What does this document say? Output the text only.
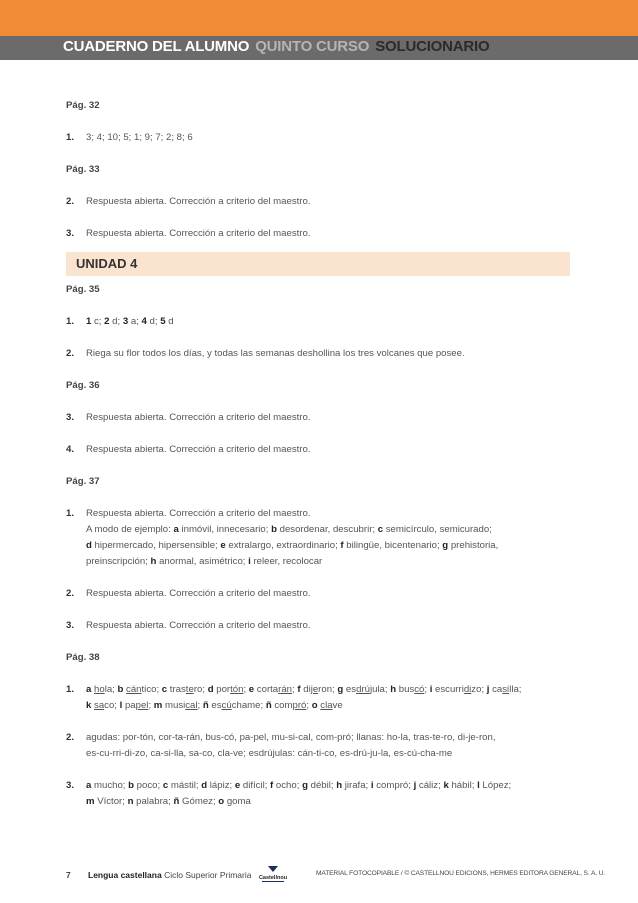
CUADERNO DEL ALUMNO QUINTO CURSO SOLUCIONARIO

Pág. 32

1.	3; 4; 10; 5; 1; 9; 7; 2; 8; 6

Pág. 33

2.	Respuesta abierta. Corrección a criterio del maestro.
3.	Respuesta abierta. Corrección a criterio del maestro.
UNIDAD 4

Pág. 35

1.	1 c; 2 d; 3 a; 4 d; 5 d
2.	Riega su flor todos los días, y todas las semanas deshollina los tres volcanes que posee.

Pág. 36

3.	Respuesta abierta. Corrección a criterio del maestro.
4.	Respuesta abierta. Corrección a criterio del maestro.

Pág. 37

1.	Respuesta abierta. Corrección a criterio del maestro.
A modo de ejemplo: a inmóvil, innecesario; b desordenar, descubrir; c semicírculo, semicurado;
d hipermercado, hipersensible; e extralargo, extraordinario; f bilingüe, bicentenario; g prehistoria,
preinscripción; h anormal, asimétrico; i releer, recolocar
2.	Respuesta abierta. Corrección a criterio del maestro.
3.	Respuesta abierta. Corrección a criterio del maestro.

Pág. 38

1.	a hola; b cántico; c trastero; d portón; e cortarán; f dijeron; g esdrújula; h buscó; i escurridizo; j casilla;
k saco; l papel; m musical; ñ escúchame; ñ compró; o clave
2.	agudas: por-tón, cor-ta-rán, bus-có, pa-pel, mu-si-cal, com-pró; llanas: ho-la, tras-te-ro, di-je-ron,
es-cu-rri-di-zo, ca-si-lla, sa-co, cla-ve; esdrújulas: cán-ti-co, es-drú-ju-la, es-cú-cha-me
3.	a mucho; b poco; c mástil; d lápiz; e difícil; f ocho; g débil; h jirafa; i compró; j cáliz; k hábil; l López;
m Víctor; n palabra; ñ Gómez; o goma
7 Lengua castellana Ciclo Superior Primaria Castellnou
MATERIAL FOTOCOPIABLE / © CASTELLNOU EDICIONS, HERMES EDITORA GENERAL, S. A. U.
